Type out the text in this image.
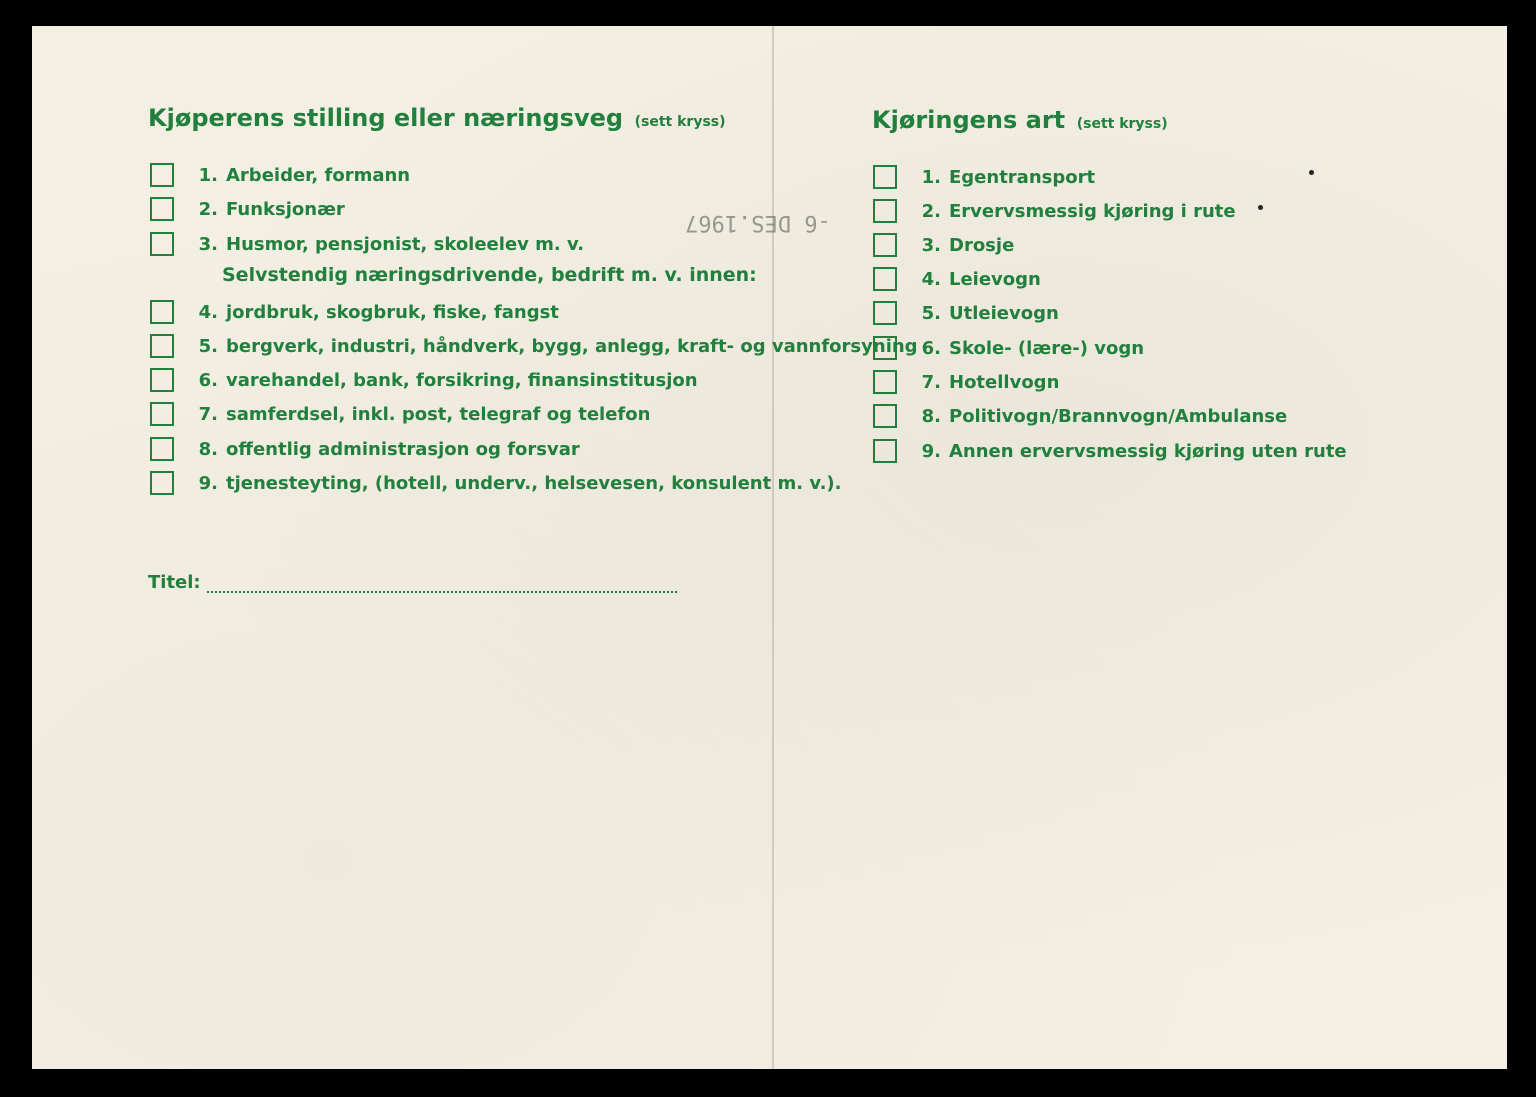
-6 DES.1967
Kjøperens stilling eller næringsveg (sett kryss)
1. Arbeider, formann
2. Funksjonær
3. Husmor, pensjonist, skoleelev m. v.
Selvstendig næringsdrivende, bedrift m. v. innen:
4. jordbruk, skogbruk, fiske, fangst
5. bergverk, industri, håndverk, bygg, anlegg, kraft- og vannforsyning
6. varehandel, bank, forsikring, finansinstitusjon
7. samferdsel, inkl. post, telegraf og telefon
8. offentlig administrasjon og forsvar
9. tjenesteyting, (hotell, underv., helsevesen, konsulent m. v.).
Titel:
Kjøringens art (sett kryss)
1. Egentransport
2. Ervervsmessig kjøring i rute
3. Drosje
4. Leievogn
5. Utleievogn
6. Skole- (lære-) vogn
7. Hotellvogn
8. Politivogn/Brannvogn/Ambulanse
9. Annen ervervsmessig kjøring uten rute
